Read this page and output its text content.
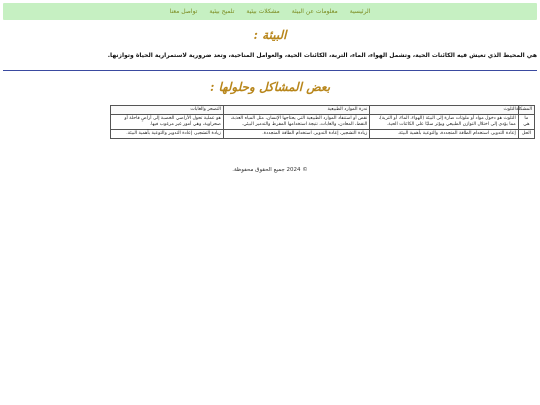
الرئيسية
معلومات عن البيئة
مشكلات بيئية
تلميح بيئية
تواصل معنا
البيئة :

هي المحيط الذي تعيش فيه الكائنات الحية، وتشمل الهواء، الماء، التربة، الكائنات الحية، والعوامل المناخية، وتعد ضرورية لاستمرارية الحياة وتوازنها.

بعض المشاكل وحلولها :
المشكلة	التلوث	ندرة الموارد الطبيعية	التصحر والغابات
ما هي	التلوث هو دخول مواد أو ملوثات ضارة إلى البيئة (الهواء، الماء، أو التربة)، مما يؤدي إلى اختلال التوازن الطبيعي ويؤثر سلبًا على الكائنات الحية.	نقص أو استنفاد الموارد الطبيعية التي يحتاجها الإنسان، مثل المياه العذبة، النفط، المعادن، والغابات، نتيجة استخدامها المفرط والتدمير البيئي.	هو عملية تحول الأراضي الخصبة إلى أراضٍ قاحلة أو صحراوية، وهي أمور غير مرغوب فيها.
الحل	إعادة التدوير، استخدام الطاقة المتجددة، والتوعية بأهمية البيئة.	زيادة التشجير، إعادة التدوير، استخدام الطاقة المتجددة.	زيادة التشجير، إعادة التدوير والتوعية بأهمية البيئة.
© 2024 جميع الحقوق محفوظة.
